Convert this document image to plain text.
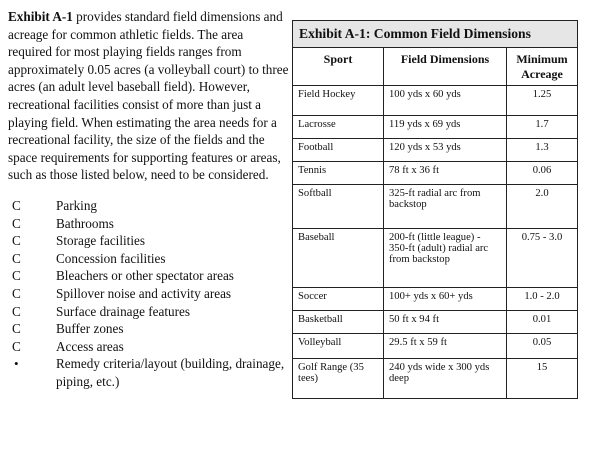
Exhibit A-1 provides standard field dimensions and acreage for common athletic fields. The area required for most playing fields ranges from approximately 0.05 acres (a volleyball court) to three acres (an adult level baseball field). However, recreational facilities consist of more than just a playing field. When estimating the area needs for a recreational facility, the size of the fields and the space requirements for supporting features or areas, such as those listed below, need to be considered.

C	Parking
C	Bathrooms
C	Storage facilities
C	Concession facilities
C	Bleachers or other spectator areas
C	Spillover noise and activity areas
C	Surface drainage features
C	Buffer zones
C	Access areas
•	Remedy criteria/layout (building, drainage, piping, etc.)
Exhibit A-1: Common Field Dimensions		
Sport	Field Dimensions	Minimum Acreage
Field Hockey	100 yds x 60 yds	1.25
Lacrosse	119 yds x 69 yds	1.7
Football	120 yds x 53 yds	1.3
Tennis	78 ft x 36 ft	0.06
Softball	325-ft radial arc from backstop	2.0
Baseball	200-ft (little league) - 350-ft (adult) radial arc from backstop	0.75 - 3.0
Soccer	100+ yds x 60+ yds	1.0 - 2.0
Basketball	50 ft x 94 ft	0.01
Volleyball	29.5 ft x 59 ft	0.05
Golf Range (35 tees)	240 yds wide x 300 yds deep	15
